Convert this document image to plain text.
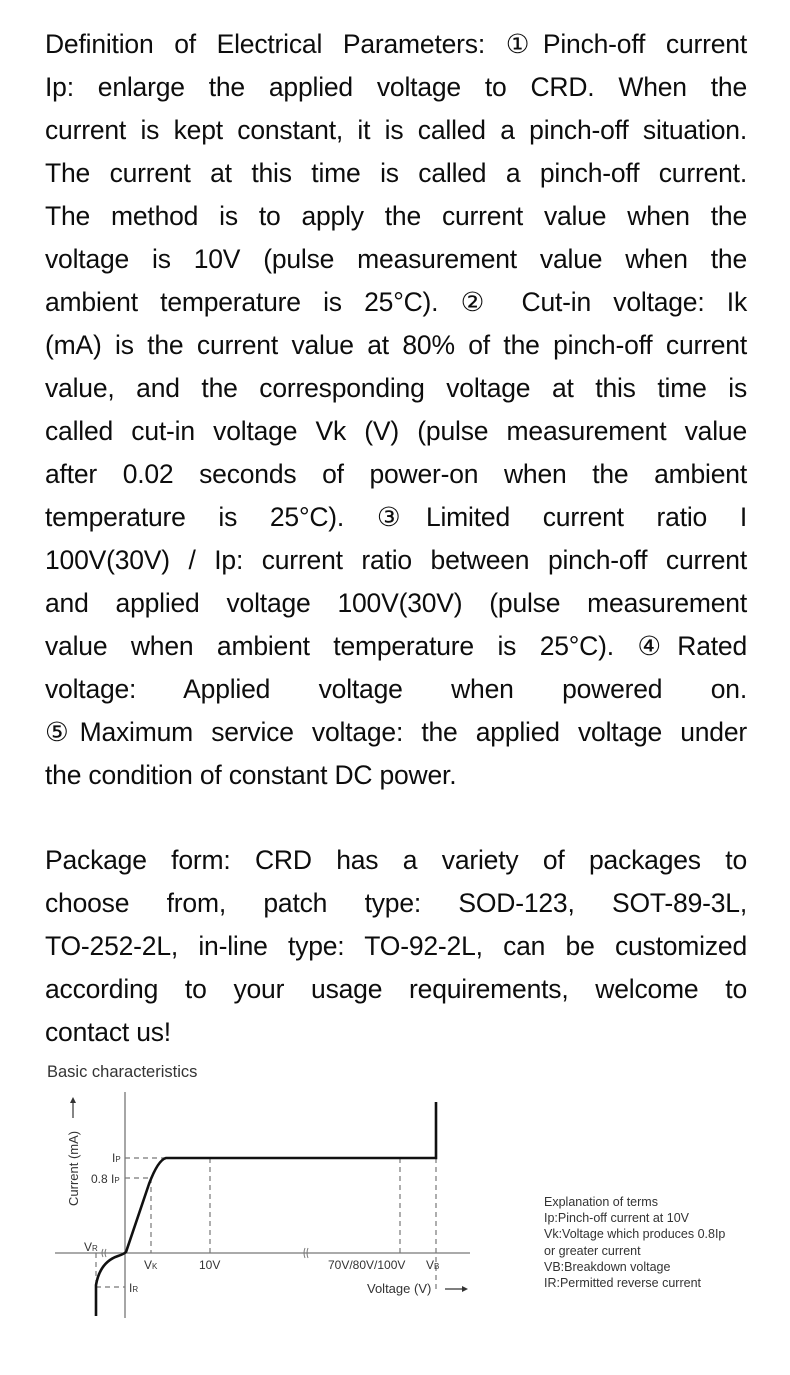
Definition of Electrical Parameters: ①Pinch-off current
Ip: enlarge the applied voltage to CRD. When the
current is kept constant, it is called a pinch-off situation.
The current at this time is called a pinch-off current.
The method is to apply the current value when the
voltage is 10V (pulse measurement value when the
ambient temperature is 25°C). ② Cut-in voltage: Ik
(mA) is the current value at 80% of the pinch-off current
value, and the corresponding voltage at this time is
called cut-in voltage Vk (V) (pulse measurement value
after 0.02 seconds of power-on when the ambient
temperature is 25°C). ③Limited current ratio I
100V(30V) / Ip: current ratio between pinch-off current
and applied voltage 100V(30V) (pulse measurement
value when ambient temperature is 25°C). ④Rated
voltage: Applied voltage when powered on.
⑤Maximum service voltage: the applied voltage under
the condition of constant DC power.
Package form: CRD has a variety of packages to
choose from, patch type: SOD-123, SOT-89-3L,
TO-252-2L, in-line type: TO-92-2L, can be customized
according to your usage requirements, welcome to
contact us!
Basic characteristics
IP
0.8 IP
VR
IR
VK	10V	70V/80V/100V VB
Voltage (V)
Current (mA)	Explanation of terms
Ip:Pinch-off current at 10V
Vk:Voltage which produces 0.8Ip
or greater current
VB:Breakdown voltage
IR:Permitted reverse current
